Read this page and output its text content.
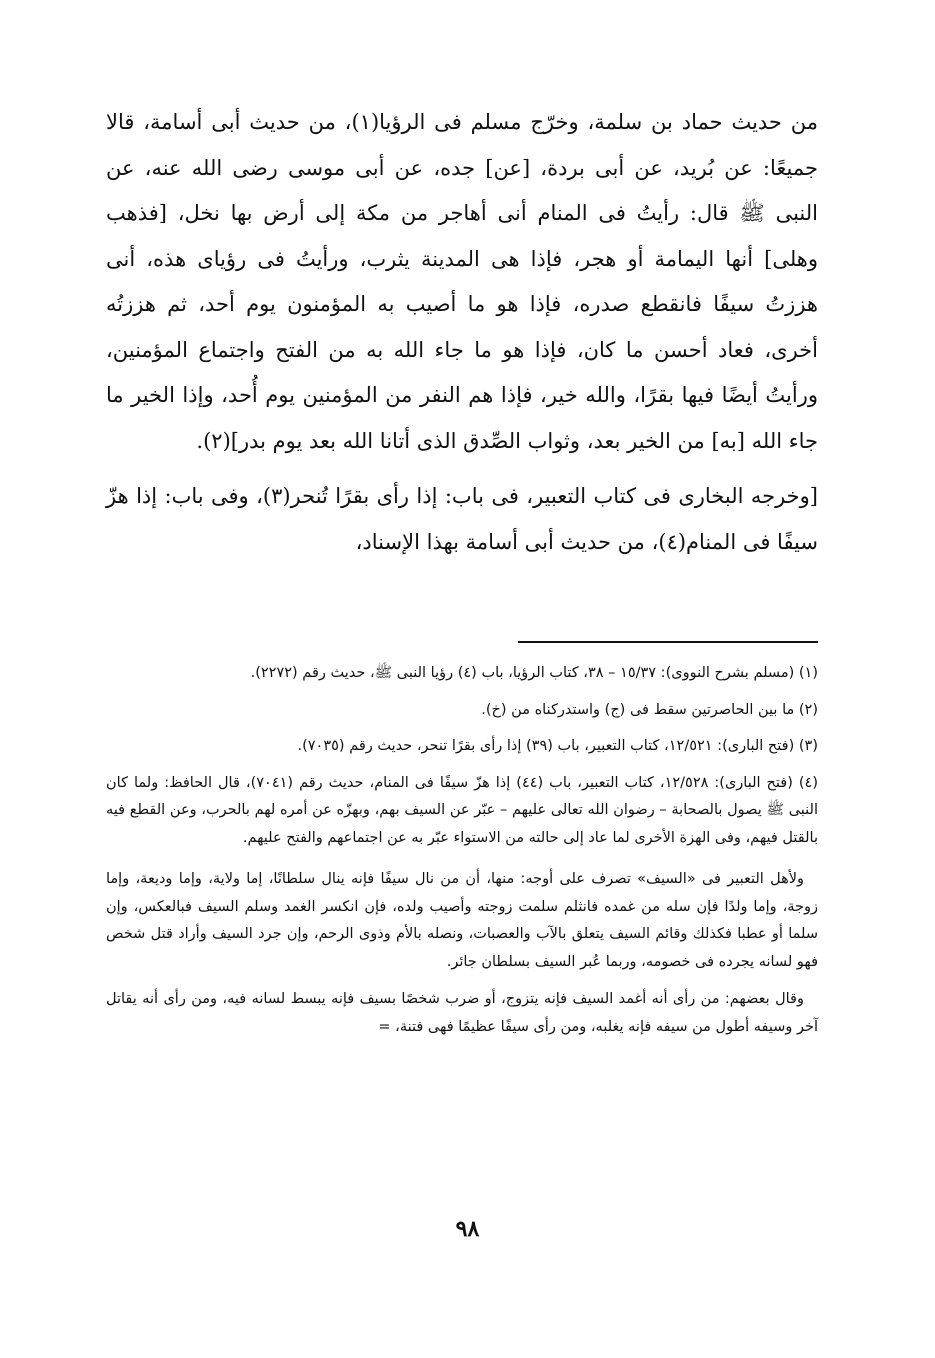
من حديث حماد بن سلمة، وخرّج مسلم فى الرؤيا(١)، من حديث أبى أسامة، قالا جميعًا: عن بُريد، عن أبى بردة، [عن] جده، عن أبى موسى رضى الله عنه، عن النبى ﷺ قال: رأيتُ فى المنام أنى أهاجر من مكة إلى أرض بها نخل، [فذهب وهلى] أنها اليمامة أو هجر، فإذا هى المدينة يثرب، ورأيتُ فى رؤياى هذه، أنى هززتُ سيفًا فانقطع صدره، فإذا هو ما أصيب به المؤمنون يوم أحد، ثم هززتُه أخرى، فعاد أحسن ما كان، فإذا هو ما جاء الله به من الفتح واجتماع المؤمنين، ورأيتُ أيضًا فيها بقرًا، والله خير، فإذا هم النفر من المؤمنين يوم أُحد، وإذا الخير ما جاء الله [به] من الخير بعد، وثواب الصِّدق الذى أتانا الله بعد يوم بدر](٢).

[وخرجه البخارى فى كتاب التعبير، فى باب: إذا رأى بقرًا تُنحر(٣)، وفى باب: إذا هزّ سيفًا فى المنام(٤)، من حديث أبى أسامة بهذا الإسناد،

(١) (مسلم بشرح النووى): ١٥/٣٧ – ٣٨، كتاب الرؤيا، باب (٤) رؤيا النبى ﷺ، حديث رقم (٢٢٧٢).

(٢) ما بين الحاصرتين سقط فى (ج) واستدركناه من (خ).

(٣) (فتح البارى): ١٢/٥٢١، كتاب التعبير، باب (٣٩) إذا رأى بقرًا تنحر، حديث رقم (٧٠٣٥).

(٤) (فتح البارى): ١٢/٥٢٨، كتاب التعبير، باب (٤٤) إذا هزّ سيفًا فى المنام، حديث رقم (٧٠٤١)، قال الحافظ: ولما كان النبى ﷺ يصول بالصحابة – رضوان الله تعالى عليهم – عبّر عن السيف بهم، وبهزّه عن أمره لهم بالحرب، وعن القطع فيه بالقتل فيهم، وفى الهزة الأخرى لما عاد إلى حالته من الاستواء عبّر به عن اجتماعهم والفتح عليهم.

ولأهل التعبير فى «السيف» تصرف على أوجه: منها، أن من نال سيفًا فإنه ينال سلطانًا، إما ولاية، وإما وديعة، وإما زوجة، وإما ولدًا فإن سله من غمده فانثلم سلمت زوجته وأصيب ولده، فإن انكسر الغمد وسلم السيف فبالعكس، وإن سلما أو عطبا فكذلك وقائم السيف يتعلق بالآب والعصبات، ونصله بالأم وذوى الرحم، وإن جرد السيف وأراد قتل شخص فهو لسانه يجرده فى خصومه، وربما عُبر السيف بسلطان جائر.

وقال بعضهم: من رأى أنه أغمد السيف فإنه يتزوج، أو ضرب شخصًا بسيف فإنه يبسط لسانه فيه، ومن رأى أنه يقاتل آخر وسيفه أطول من سيفه فإنه يغلبه، ومن رأى سيفًا عظيمًا فهى فتنة، =

٩٨
